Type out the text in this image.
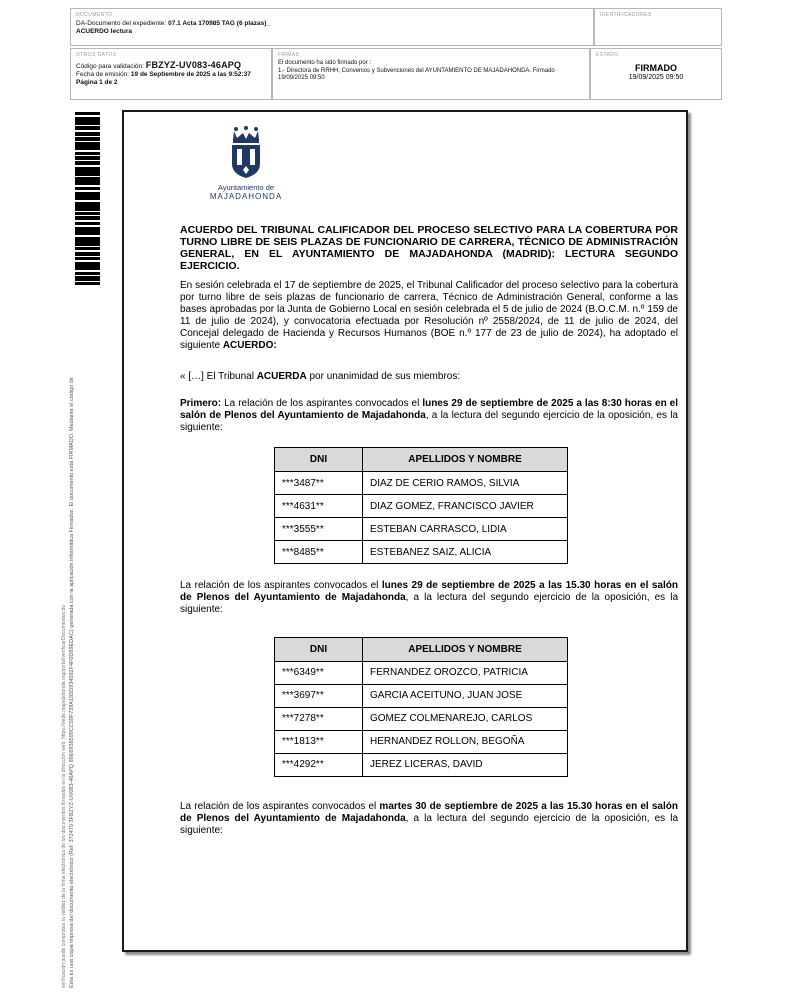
DOCUMENTO
DA-Documento del expediente: 07.1 Acta 170985 TAG (6 plazas)_
ACUERDO lectura
IDENTIFICADORES
OTROS DATOS
Código para validación: FBZYZ-UV083-46APQ
Fecha de emisión: 19 de Septiembre de 2025 a las 9:52:37
Página 1 de 2
FIRMAS
El documento ha sido firmado por :
1.- Directora de RRHH, Convenios y Subvenciones del AYUNTAMIENTO DE MAJADAHONDA. Firmado 19/09/2025 09:50
ESTADO
FIRMADO
19/09/2025 09:50
Esta es una copia impresa del documento electrónico (Ref: 372470 3FBZYZ-UV083-46APQ 89E6938599CC59F739A185D934592F4F0D89EDAC) generada con la aplicación informática Firmadoc. El documento está FIRMADO. Mediante el código de
verificación puede comprobar la validez de la firma electrónica de los documentos firmados en la dirección web: https://sede.majadahonda.org/portal/verificarDocumentos.do
Ayuntamiento de
MAJADAHONDA
ACUERDO DEL TRIBUNAL CALIFICADOR DEL PROCESO SELECTIVO PARA LA COBERTURA POR TURNO LIBRE DE SEIS PLAZAS DE FUNCIONARIO DE CARRERA, TÉCNICO DE ADMINISTRACIÓN GENERAL, EN EL AYUNTAMIENTO DE MAJADAHONDA (MADRID): LECTURA SEGUNDO EJERCICIO.
En sesión celebrada el 17 de septiembre de 2025, el Tribunal Calificador del proceso selectivo para la cobertura por turno libre de seis plazas de funcionario de carrera, Técnico de Administración General, conforme a las bases aprobadas por la Junta de Gobierno Local en sesión celebrada el 5 de julio de 2024 (B.O.C.M. n.º 159 de 11 de julio de 2024), y convocatoria efectuada por Resolución nº 2558/2024, de 11 de julio de 2024, del Concejal delegado de Hacienda y Recursos Humanos (BOE n.º 177 de 23 de julio de 2024), ha adoptado el siguiente ACUERDO:
« […] El Tribunal ACUERDA por unanimidad de sus miembros:
Primero: La relación de los aspirantes convocados el lunes 29 de septiembre de 2025 a las 8:30 horas en el salón de Plenos del Ayuntamiento de Majadahonda, a la lectura del segundo ejercicio de la oposición, es la siguiente:
DNI	APELLIDOS Y NOMBRE
***3487**	DIAZ DE CERIO RAMOS, SILVIA
***4631**	DIAZ GOMEZ, FRANCISCO JAVIER
***3555**	ESTEBAN CARRASCO, LIDIA
***8485**	ESTEBANEZ SAIZ, ALICIA
La relación de los aspirantes convocados el lunes 29 de septiembre de 2025 a las 15.30 horas en el salón de Plenos del Ayuntamiento de Majadahonda, a la lectura del segundo ejercicio de la oposición, es la siguiente:
DNI	APELLIDOS Y NOMBRE
***6349**	FERNANDEZ OROZCO, PATRICIA
***3697**	GARCIA ACEITUNO, JUAN JOSE
***7278**	GOMEZ COLMENAREJO, CARLOS
***1813**	HERNANDEZ ROLLON, BEGOÑA
***4292**	JEREZ LICERAS, DAVID
La relación de los aspirantes convocados el martes 30 de septiembre de 2025 a las 15.30 horas en el salón de Plenos del Ayuntamiento de Majadahonda, a la lectura del segundo ejercicio de la oposición, es la siguiente:
